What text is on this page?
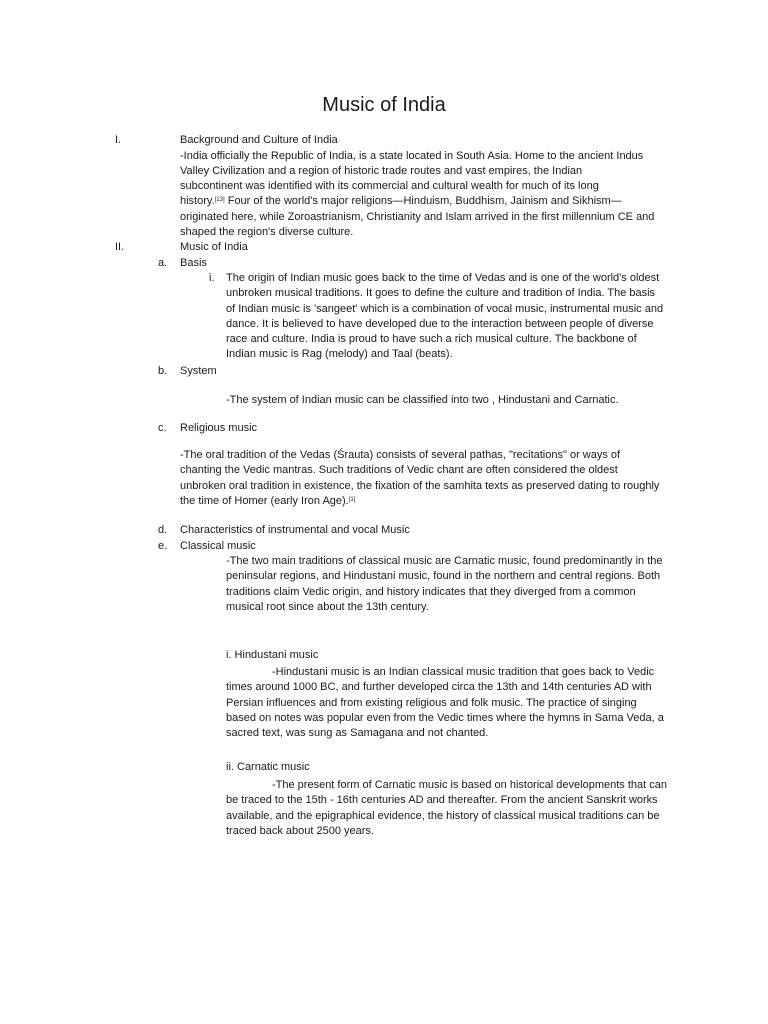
Music of India
I.	Background and Culture of India
-India officially the Republic of India, is a state located in South Asia. Home to the ancient Indus
Valley Civilization and a region of historic trade routes and vast empires, the Indian
subcontinent was identified with its commercial and cultural wealth for much of its long
history.[13] Four of the world's major religions—Hinduism, Buddhism, Jainism and Sikhism—
originated here, while Zoroastrianism, Christianity and Islam arrived in the first millennium CE and
shaped the region's diverse culture.
II.	Music of India
a. Basis
i. The origin of Indian music goes back to the time of Vedas and is one of the world's oldest
unbroken musical traditions. It goes to define the culture and tradition of India. The basis
of Indian music is 'sangeet' which is a combination of vocal music, instrumental music and
dance. It is believed to have developed due to the interaction between people of diverse
race and culture. India is proud to have such a rich musical culture. The backbone of
Indian music is Rag (melody) and Taal (beats).
b. System
-The system of Indian music can be classified into two , Hindustani and Carnatic.
c. Religious music
-The oral tradition of the Vedas (Śrauta) consists of several pathas, "recitations" or ways of
chanting the Vedic mantras. Such traditions of Vedic chant are often considered the oldest
unbroken oral tradition in existence, the fixation of the samhita texts as preserved dating to roughly
the time of Homer (early Iron Age).[1]
d. Characteristics of instrumental and vocal Music
e. Classical music
-The two main traditions of classical music are Carnatic music, found predominantly in the
peninsular regions, and Hindustani music, found in the northern and central regions. Both
traditions claim Vedic origin, and history indicates that they diverged from a common
musical root since about the 13th century.
i. Hindustani music
-Hindustani music is an Indian classical music tradition that goes back to Vedic
times around 1000 BC, and further developed circa the 13th and 14th centuries AD with
Persian influences and from existing religious and folk music. The practice of singing
based on notes was popular even from the Vedic times where the hymns in Sama Veda, a
sacred text, was sung as Samagana and not chanted.
ii. Carnatic music
-The present form of Carnatic music is based on historical developments that can
be traced to the 15th - 16th centuries AD and thereafter. From the ancient Sanskrit works
available, and the epigraphical evidence, the history of classical musical traditions can be
traced back about 2500 years.
